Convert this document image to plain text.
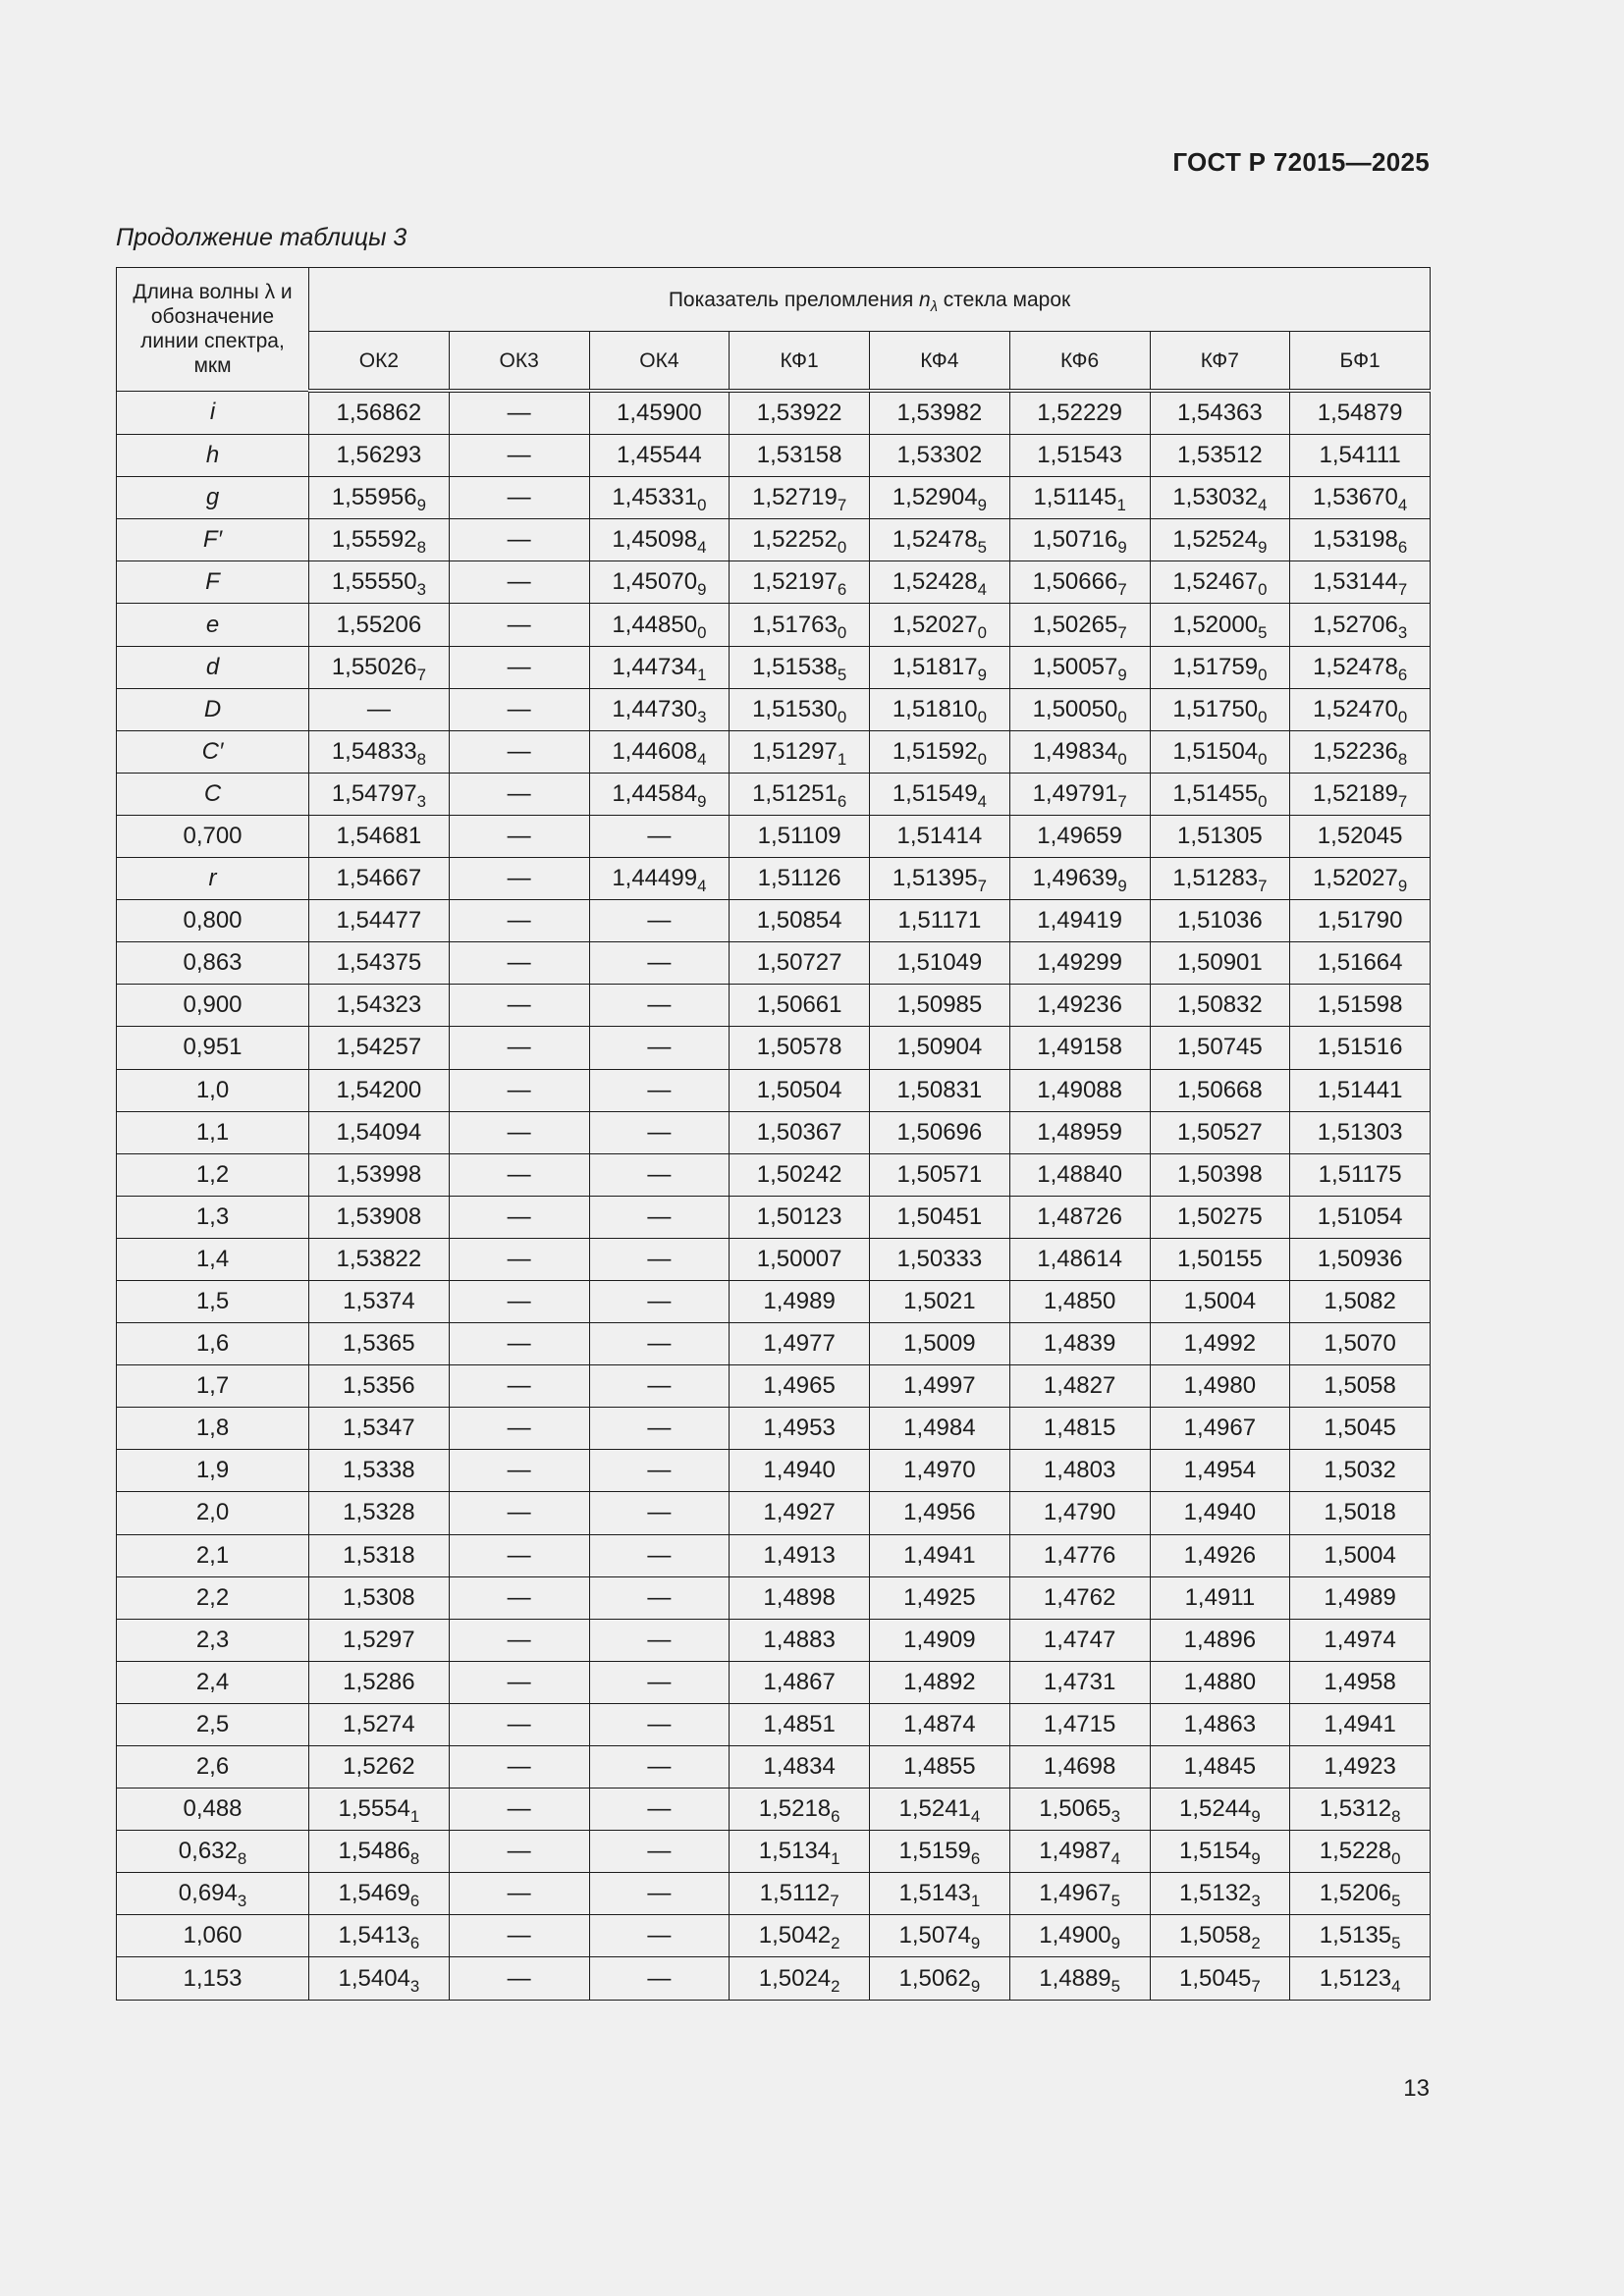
ГОСТ Р 72015—2025
Продолжение таблицы 3
Длина волны λ и обозначение линии спектра, мкм	Показатель преломления $n_\lambda$ стекла марок							
	ОК2	ОК3	ОК4	КФ1	КФ4	КФ6	КФ7	БФ1
i	1,56862	—	1,45900	1,53922	1,53982	1,52229	1,54363	1,54879
h	1,56293	—	1,45544	1,53158	1,53302	1,51543	1,53512	1,54111
g	$1,55956_9$	—	$1,45331_0$	$1,52719_7$	$1,52904_9$	$1,51145_1$	$1,53032_4$	$1,53670_4$
F′	$1,55592_8$	—	$1,45098_4$	$1,52252_0$	$1,52478_5$	$1,50716_9$	$1,52524_9$	$1,53198_6$
F	$1,55550_3$	—	$1,45070_9$	$1,52197_6$	$1,52428_4$	$1,50666_7$	$1,52467_0$	$1,53144_7$
e	1,55206	—	$1,44850_0$	$1,51763_0$	$1,52027_0$	$1,50265_7$	$1,52000_5$	$1,52706_3$
d	$1,55026_7$	—	$1,44734_1$	$1,51538_5$	$1,51817_9$	$1,50057_9$	$1,51759_0$	$1,52478_6$
D	—	—	$1,44730_3$	$1,51530_0$	$1,51810_0$	$1,50050_0$	$1,51750_0$	$1,52470_0$
C′	$1,54833_8$	—	$1,44608_4$	$1,51297_1$	$1,51592_0$	$1,49834_0$	$1,51504_0$	$1,52236_8$
C	$1,54797_3$	—	$1,44584_9$	$1,51251_6$	$1,51549_4$	$1,49791_7$	$1,51455_0$	$1,52189_7$
0,700	1,54681	—	—	1,51109	1,51414	1,49659	1,51305	1,52045
r	1,54667	—	$1,44499_4$	1,51126	$1,51395_7$	$1,49639_9$	$1,51283_7$	$1,52027_9$
0,800	1,54477	—	—	1,50854	1,51171	1,49419	1,51036	1,51790
0,863	1,54375	—	—	1,50727	1,51049	1,49299	1,50901	1,51664
0,900	1,54323	—	—	1,50661	1,50985	1,49236	1,50832	1,51598
0,951	1,54257	—	—	1,50578	1,50904	1,49158	1,50745	1,51516
1,0	1,54200	—	—	1,50504	1,50831	1,49088	1,50668	1,51441
1,1	1,54094	—	—	1,50367	1,50696	1,48959	1,50527	1,51303
1,2	1,53998	—	—	1,50242	1,50571	1,48840	1,50398	1,51175
1,3	1,53908	—	—	1,50123	1,50451	1,48726	1,50275	1,51054
1,4	1,53822	—	—	1,50007	1,50333	1,48614	1,50155	1,50936
1,5	1,5374	—	—	1,4989	1,5021	1,4850	1,5004	1,5082
1,6	1,5365	—	—	1,4977	1,5009	1,4839	1,4992	1,5070
1,7	1,5356	—	—	1,4965	1,4997	1,4827	1,4980	1,5058
1,8	1,5347	—	—	1,4953	1,4984	1,4815	1,4967	1,5045
1,9	1,5338	—	—	1,4940	1,4970	1,4803	1,4954	1,5032
2,0	1,5328	—	—	1,4927	1,4956	1,4790	1,4940	1,5018
2,1	1,5318	—	—	1,4913	1,4941	1,4776	1,4926	1,5004
2,2	1,5308	—	—	1,4898	1,4925	1,4762	1,4911	1,4989
2,3	1,5297	—	—	1,4883	1,4909	1,4747	1,4896	1,4974
2,4	1,5286	—	—	1,4867	1,4892	1,4731	1,4880	1,4958
2,5	1,5274	—	—	1,4851	1,4874	1,4715	1,4863	1,4941
2,6	1,5262	—	—	1,4834	1,4855	1,4698	1,4845	1,4923
0,488	$1,5554_1$	—	—	$1,5218_6$	$1,5241_4$	$1,5065_3$	$1,5244_9$	$1,5312_8$
$0,632_8$	$1,5486_8$	—	—	$1,5134_1$	$1,5159_6$	$1,4987_4$	$1,5154_9$	$1,5228_0$
$0,694_3$	$1,5469_6$	—	—	$1,5112_7$	$1,5143_1$	$1,4967_5$	$1,5132_3$	$1,5206_5$
1,060	$1,5413_6$	—	—	$1,5042_2$	$1,5074_9$	$1,4900_9$	$1,5058_2$	$1,5135_5$
1,153	$1,5404_3$	—	—	$1,5024_2$	$1,5062_9$	$1,4889_5$	$1,5045_7$	$1,5123_4$
13
